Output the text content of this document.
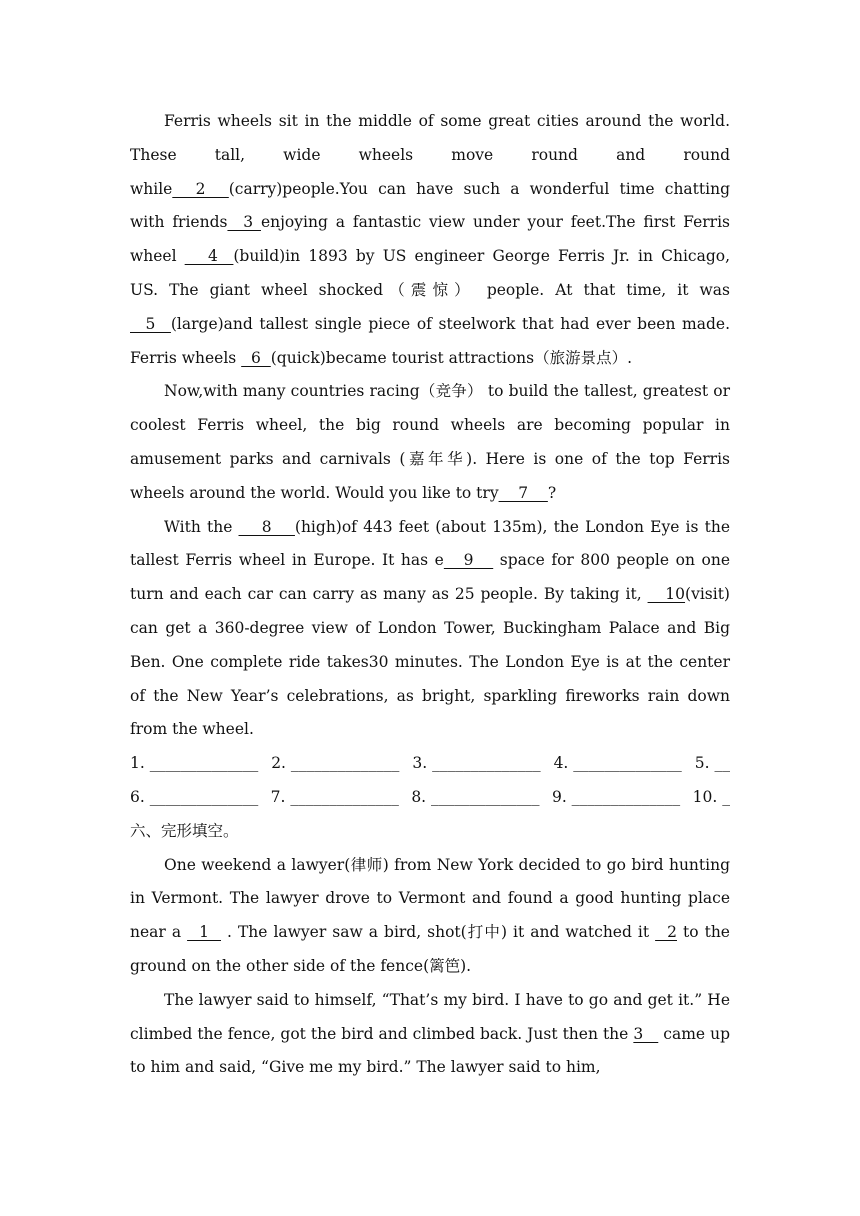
Ferris wheels sit in the middle of some great cities around the world. These tall, wide wheels move round and round while___2___(carry)people.You can have such a wonderful time chatting with friends  3 enjoying a fantastic view under your feet.The first Ferris wheel ___4__(build)in 1893 by US engineer George Ferris Jr. in Chicago, US. The giant wheel shocked（震惊） people. At that time, it was __5__(large)and tallest single piece of steelwork that had ever been made. Ferris wheels   6  (quick)became tourist attractions（旅游景点）.

Now,with many countries racing（竞争） to build the tallest, greatest or coolest Ferris wheel, the big round wheels are becoming popular in amusement parks and carnivals (嘉年华). Here is one of the top Ferris wheels around the world. Would you like to try    7    ?

With the ___8___(high)of 443 feet (about 135m), the London Eye is the tallest Ferris wheel in Europe. It has e   9    space for 800 people on one turn and each car can carry as many as 25 people. By taking it,    10(visit) can get a 360-degree view of London Tower, Buckingham Palace and Big Ben. One complete ride takes30 minutes. The London Eye is at the center of the New Year’s celebrations, as bright, sparkling fireworks rain down from the wheel.

1. ______________ 2. ______________ 3. ______________ 4. ______________ 5. __
6. ______________ 7. ______________ 8. ______________ 9. ______________ 10. _

六、完形填空。

One weekend a lawyer(律师) from New York decided to go bird hunting in Vermont. The lawyer drove to Vermont and found a good hunting place near a   1   . The lawyer saw a bird, shot(打中) it and watched it   2 to the ground on the other side of the fence(篱笆).

The lawyer said to himself, “That’s my bird. I have to go and get it.” He climbed the fence, got the bird and climbed back. Just then the 3    came up to him and said, “Give me my bird.” The lawyer said to him,
